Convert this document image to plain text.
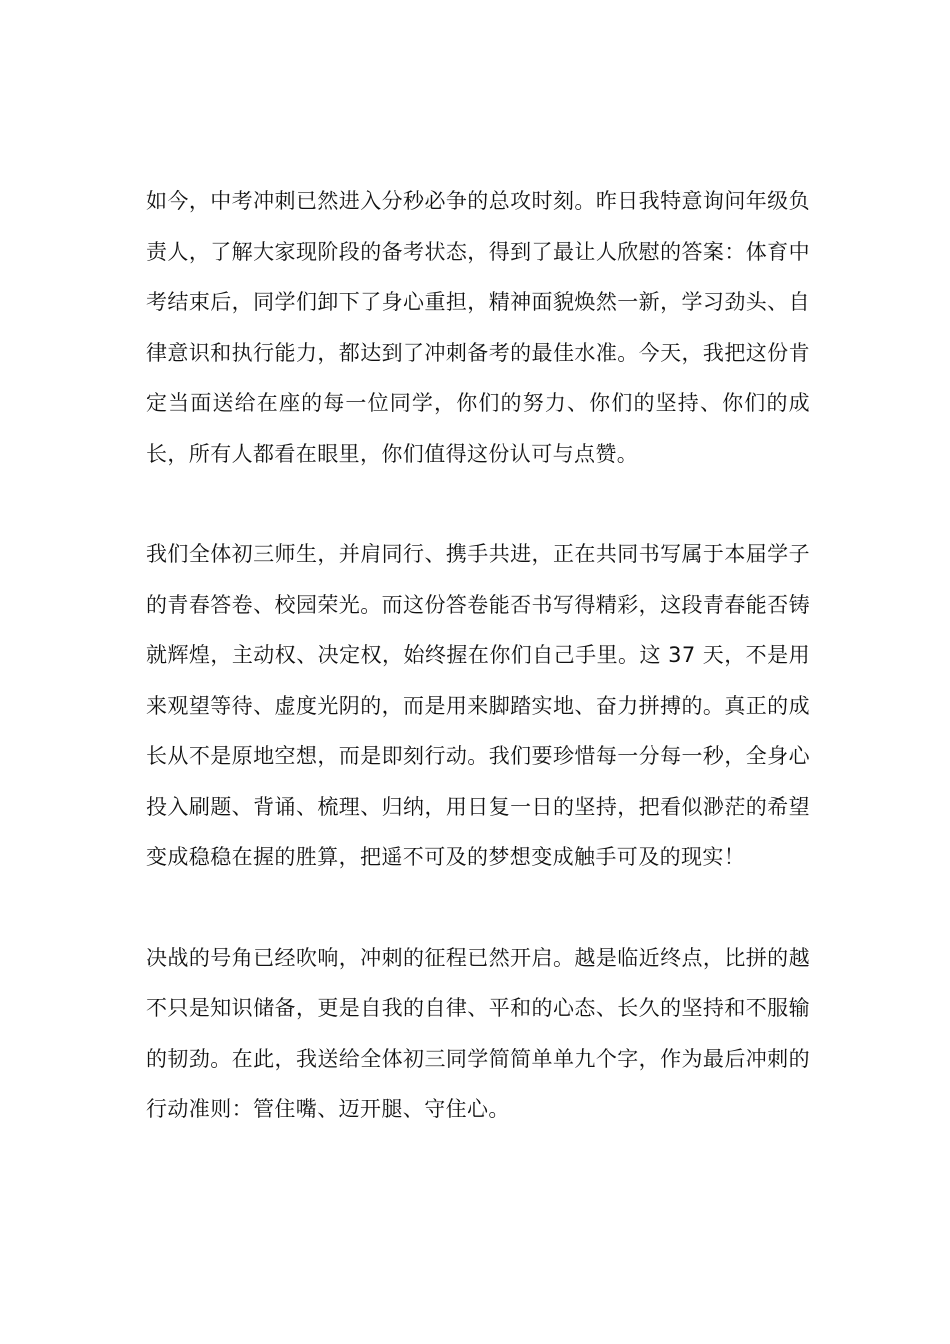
如今，中考冲刺已然进入分秒必争的总攻时刻。昨日我特意询问年级负责人，了解大家现阶段的备考状态，得到了最让人欣慰的答案：体育中考结束后，同学们卸下了身心重担，精神面貌焕然一新，学习劲头、自律意识和执行能力，都达到了冲刺备考的最佳水准。今天，我把这份肯定当面送给在座的每一位同学，你们的努力、你们的坚持、你们的成长，所有人都看在眼里，你们值得这份认可与点赞。

我们全体初三师生，并肩同行、携手共进，正在共同书写属于本届学子的青春答卷、校园荣光。而这份答卷能否书写得精彩，这段青春能否铸就辉煌，主动权、决定权，始终握在你们自己手里。这 37 天，不是用来观望等待、虚度光阴的，而是用来脚踏实地、奋力拼搏的。真正的成长从不是原地空想，而是即刻行动。我们要珍惜每一分每一秒，全身心投入刷题、背诵、梳理、归纳，用日复一日的坚持，把看似渺茫的希望变成稳稳在握的胜算，把遥不可及的梦想变成触手可及的现实！

决战的号角已经吹响，冲刺的征程已然开启。越是临近终点，比拼的越不只是知识储备，更是自我的自律、平和的心态、长久的坚持和不服输的韧劲。在此，我送给全体初三同学简简单单九个字，作为最后冲刺的行动准则：管住嘴、迈开腿、守住心。
